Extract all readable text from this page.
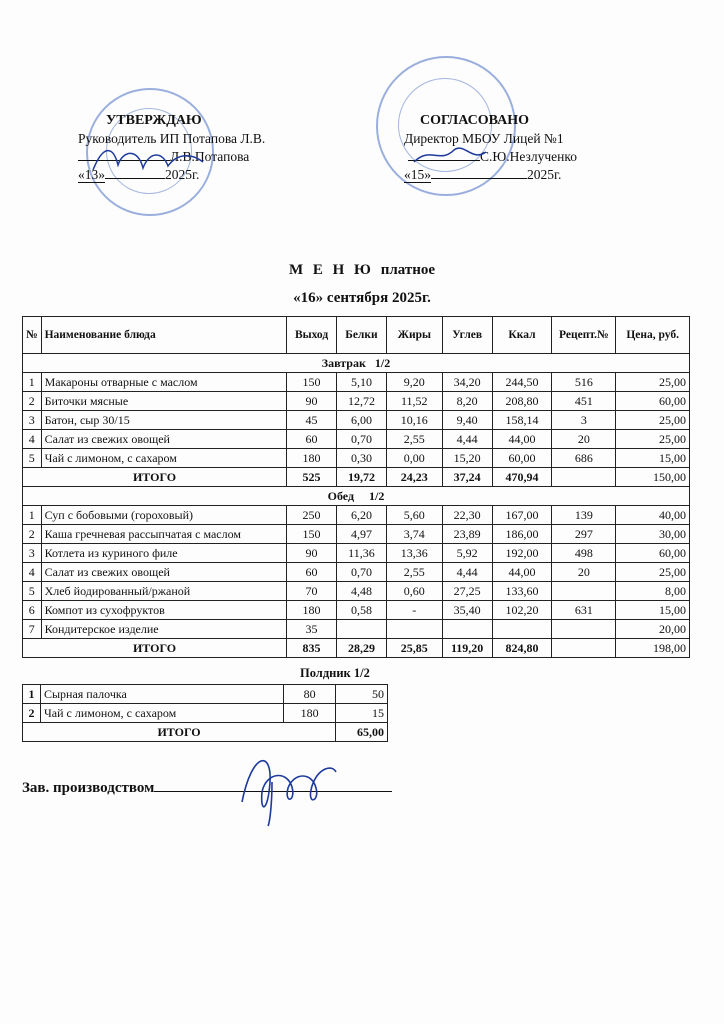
УТВЕРЖДАЮ
Руководитель ИП Потапова Л.В.
Л.В.Потапова
«13»	2025г.
СОГЛАСОВАНО
Директор МБОУ Лицей №1
С.Ю.Незлученко
«15»	2025г.
М Е Н Ю платное
«16» сентября 2025г.
№	Наименование блюда	Выход	Белки	Жиры	Углев	Ккал	Рецепт.№	Цена, руб.
Завтрак 1/2								
1	Макароны отварные с маслом	150	5,10	9,20	34,20	244,50	516	25,00
2	Биточки мясные	90	12,72	11,52	8,20	208,80	451	60,00
3	Батон, сыр 30/15	45	6,00	10,16	9,40	158,14	3	25,00
4	Салат из свежих овощей	60	0,70	2,55	4,44	44,00	20	25,00
5	Чай с лимоном, с сахаром	180	0,30	0,00	15,20	60,00	686	15,00
ИТОГО		525	19,72	24,23	37,24	470,94		150,00
Обед 1/2								
1	Суп с бобовыми (гороховый)	250	6,20	5,60	22,30	167,00	139	40,00
2	Каша гречневая рассыпчатая с маслом	150	4,97	3,74	23,89	186,00	297	30,00
3	Котлета из куриного филе	90	11,36	13,36	5,92	192,00	498	60,00
4	Салат из свежих овощей	60	0,70	2,55	4,44	44,00	20	25,00
5	Хлеб йодированный/ржаной	70	4,48	0,60	27,25	133,60		8,00
6	Компот из сухофруктов	180	0,58	-	35,40	102,20	631	15,00
7	Кондитерское изделие	35						20,00
ИТОГО		835	28,29	25,85	119,20	824,80		198,00
Полдник 1/2
1	Сырная палочка	80	50
2	Чай с лимоном, с сахаром	180	15
ИТОГО			65,00
Зав. производством
